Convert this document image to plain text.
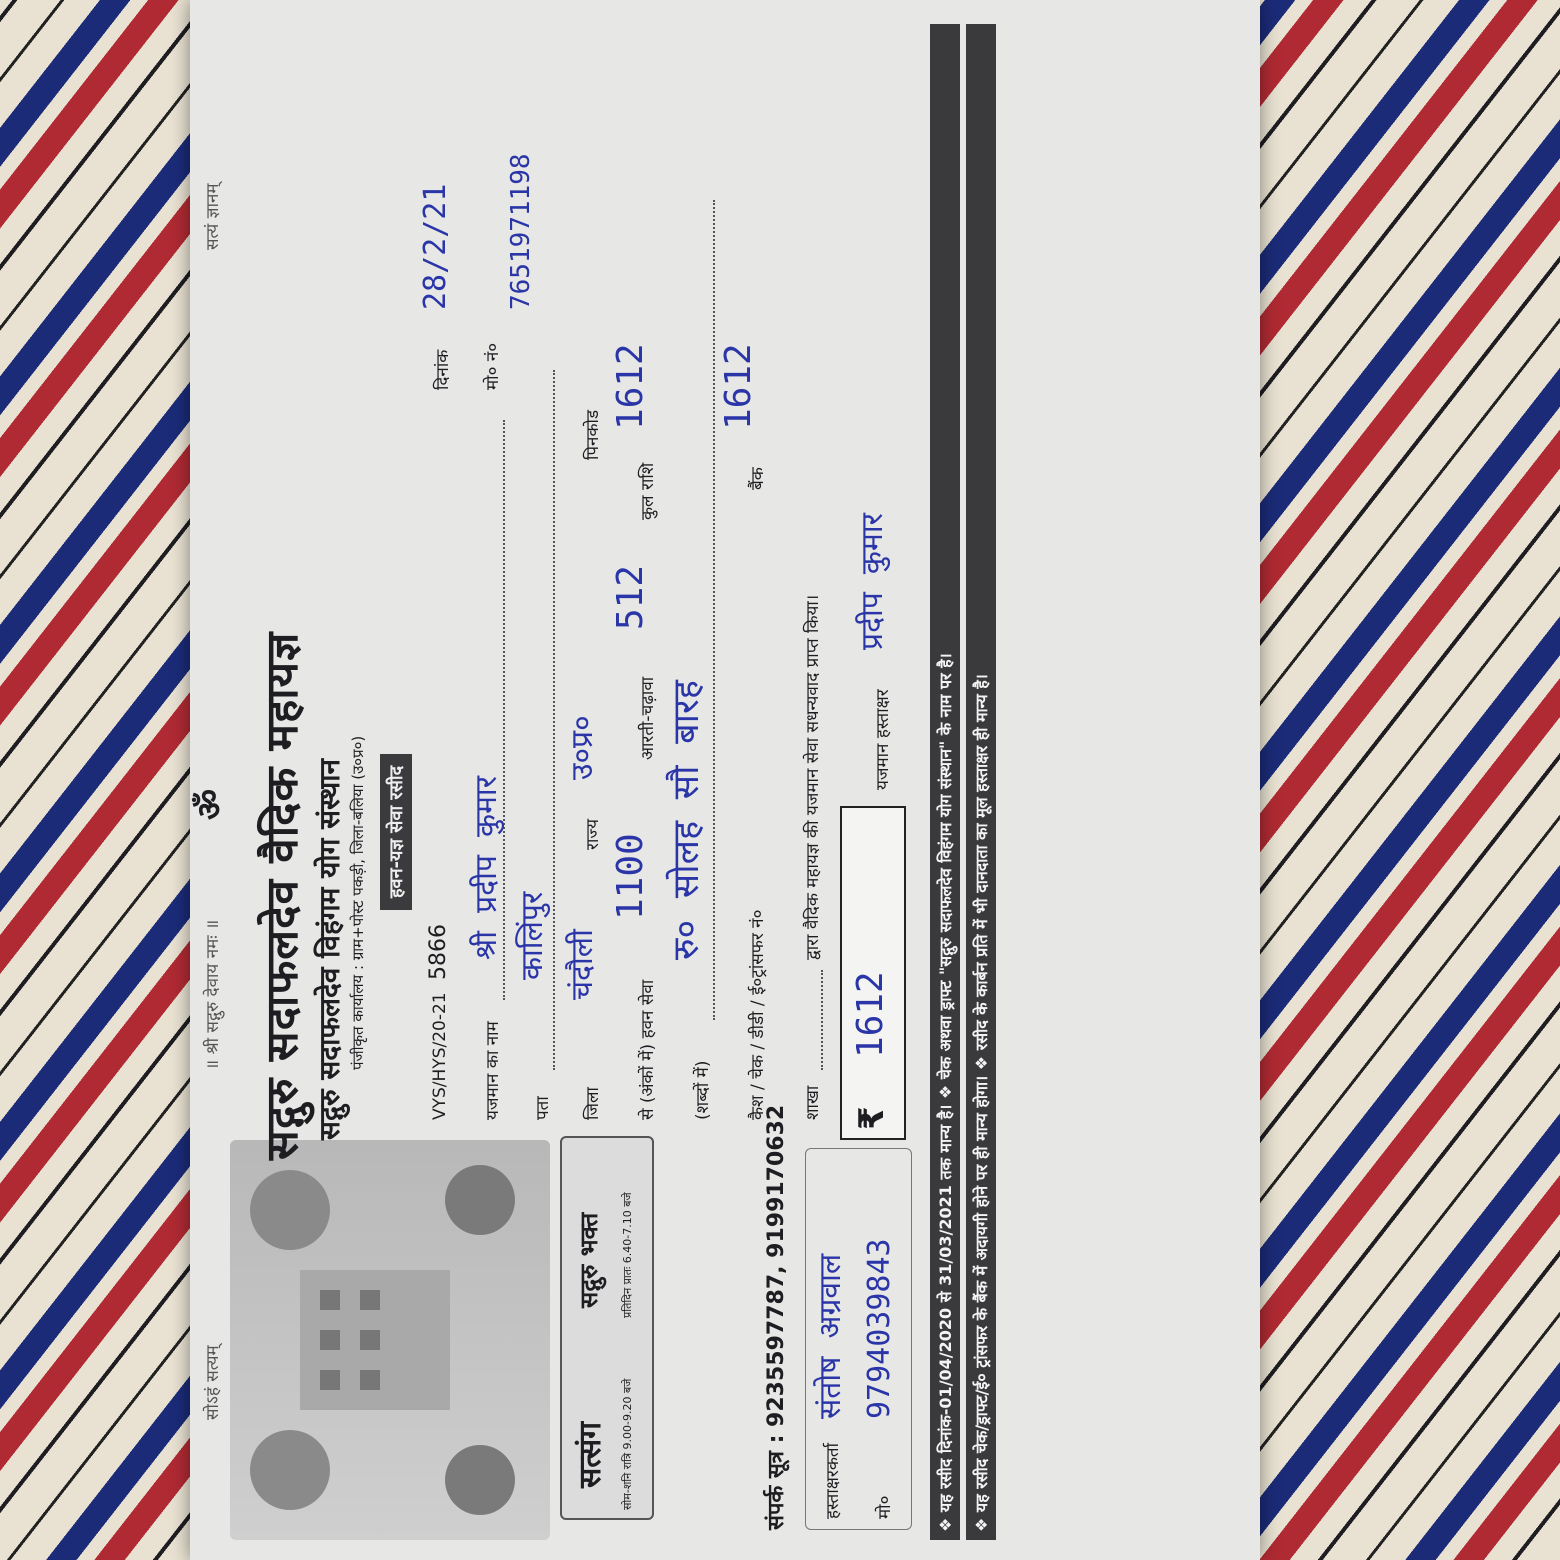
ॐ
सोऽहं सत्यम्
॥ श्री सद्गुरु देवाय नमः ॥
सत्यं ज्ञानम्
सत्संग
सद्गुरु भक्त
सोम-शनि रात्रि 9.00-9.20 बजे
प्रतिदिन प्रातः 6.40-7.10 बजे
सद्गुरु सदाफलदेव वैदिक महायज्ञ सद्गुरु सदाफलदेव विहंगम योग संस्थान पंजीकृत कार्यालय : ग्राम+पोस्ट पकड़ी, जिला-बलिया (उ०प्र०)	हवन-यज्ञ सेवा रसीद
VYS/HYS/20-21
5866
दिनांक
28/2/21
यजमान का नाम
श्री प्रदीप कुमार
मो० नं०
7651971198
पता
कालिंपुर
जिला
चंदौली
राज्य
उ०प्र०
पिनकोड
से (अंकों में) हवन सेवा
1100
आरती-चढ़ावा
512
कुल राशि
1612
(शब्दों में)
रु० सोलह सौ बारह
कैश / चेक / डीडी / ई०ट्रांसफर नं०
बैंक
1612
शाखा
द्वारा वैदिक महायज्ञ की यजमान सेवा सधन्यवाद प्राप्त किया।
₹
1612
यजमान हस्ताक्षर
प्रदीप कुमार
संपर्क सूत्र : 9235597787, 9199170632 हस्ताक्षरकर्ता
संतोष अग्रवाल
मो०
9794039843	❖ यह रसीद दिनांक-01/04/2020 से 31/03/2021 तक मान्य है। ❖ चेक अथवा ड्राफ्ट "सद्गुरु सदाफलदेव विहंगम योग संस्थान" के नाम पर है।	❖ यह रसीद चेक/ड्राफ्ट/ई० ट्रांसफर के बैंक में अदायगी होने पर ही मान्य होगा। ❖ रसीद के कार्बन प्रति में भी दानदाता का मूल हस्ताक्षर ही मान्य है।
